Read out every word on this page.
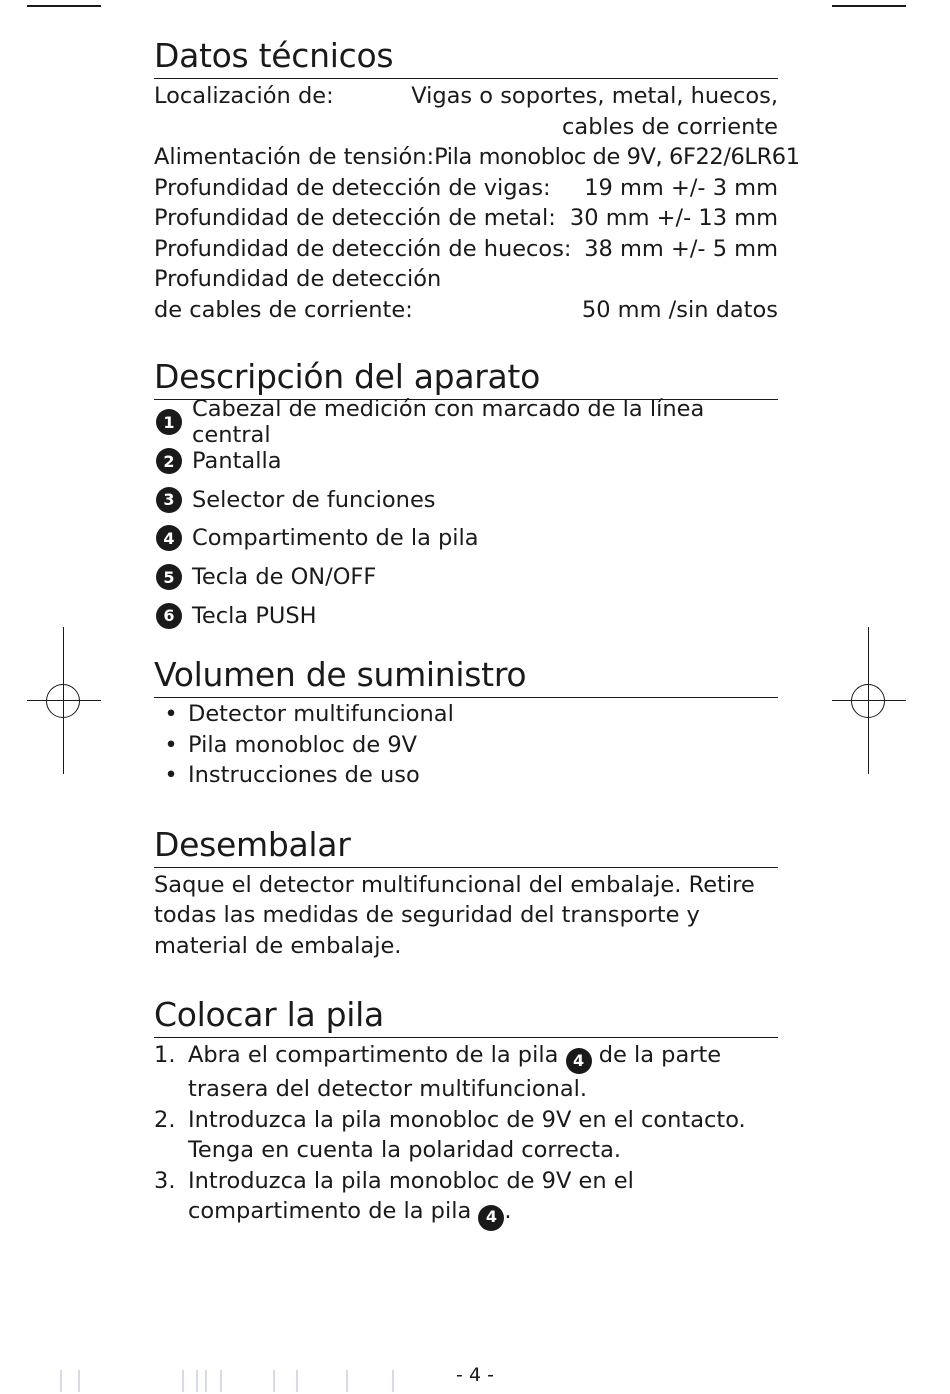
Datos técnicos
Localización de:	Vigas o soportes, metal, huecos,
cables de corriente
Alimentación de tensión: Pila monobloc de 9V, 6F22/6LR61
Profundidad de detección de vigas: 19 mm +/- 3 mm
Profundidad de detección de metal: 30 mm +/- 13 mm
Profundidad de detección de huecos: 38 mm +/- 5 mm
Profundidad de detección
de cables de corriente:	50 mm /sin datos
Descripción del aparato
1 Cabezal de medición con marcado de la línea central
2 Pantalla
3 Selector de funciones
4 Compartimento de la pila
5 Tecla de ON/OFF
6 Tecla PUSH
Volumen de suministro
• Detector multifuncional
• Pila monobloc de 9V
• Instrucciones de uso
Desembalar

Saque el detector multifuncional del embalaje. Retire todas las medidas de seguridad del transporte y material de embalaje.

Colocar la pila
1. Abra el compartimento de la pila 4 de la parte trasera del detector multifuncional.
2. Introduzca la pila monobloc de 9V en el contacto. Tenga en cuenta la polaridad correcta.
3. Introduzca la pila monobloc de 9V en el compartimento de la pila 4 .
- 4 -
